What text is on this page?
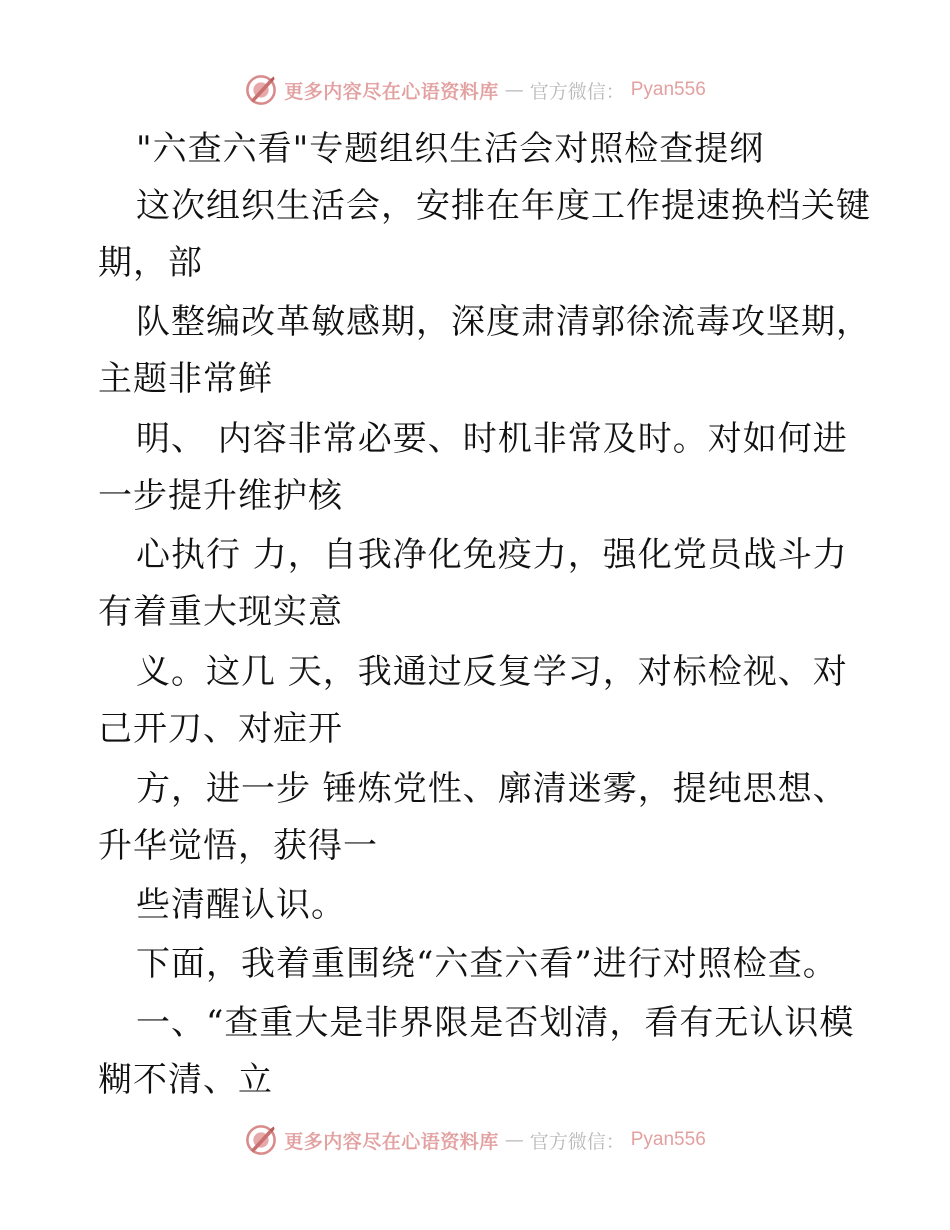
更多内容尽在心语资料库 — 官方微信： Pyan556

"六查六看"专题组织生活会对照检查提纲

这次组织生活会，安排在年度工作提速换档关键

期，部

队整编改革敏感期，深度肃清郭徐流毒攻坚期，

主题非常鲜

明、 内容非常必要、时机非常及时。对如何进

一步提升维护核

心执行 力，自我净化免疫力，强化党员战斗力

有着重大现实意

义。这几 天，我通过反复学习，对标检视、对

己开刀、对症开

方，进一步 锤炼党性、廓清迷雾，提纯思想、

升华觉悟，获得一

些清醒认识。

下面，我着重围绕“六查六看”进行对照检查。

一、“查重大是非界限是否划清，看有无认识模

糊不清、立

更多内容尽在心语资料库 — 官方微信： Pyan556
